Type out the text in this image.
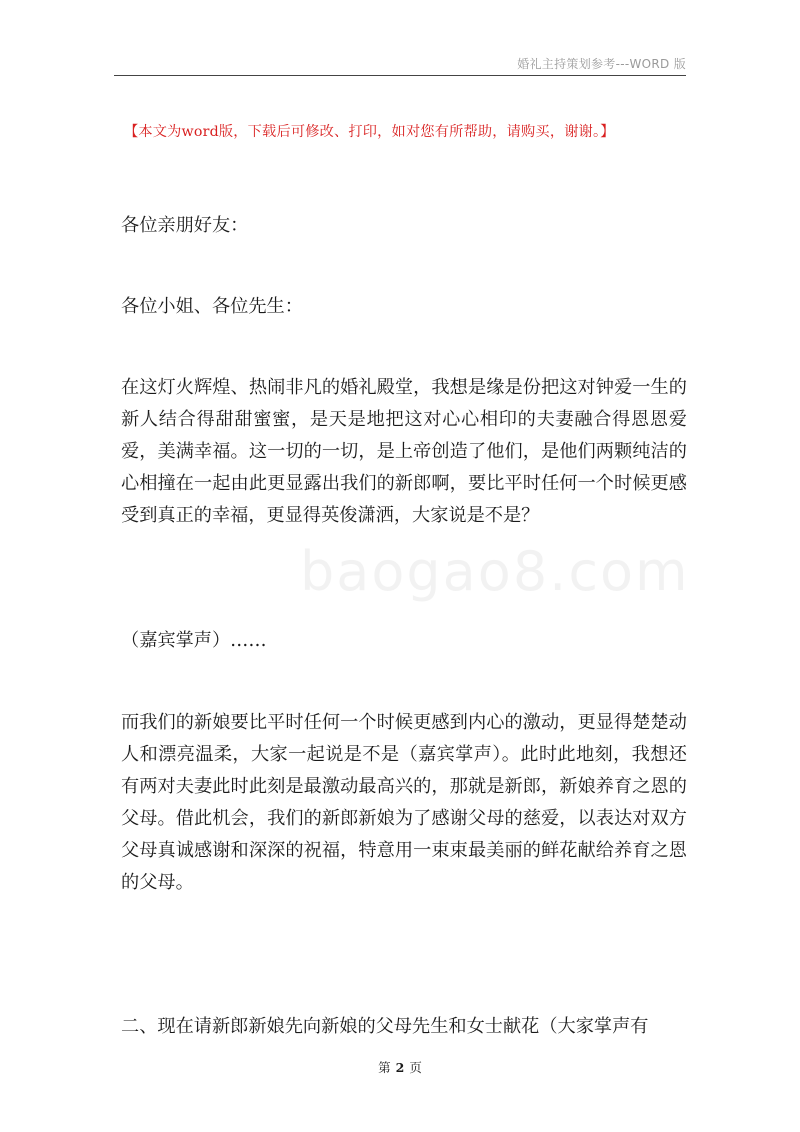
婚礼主持策划参考---WORD 版
【本文为word版，下载后可修改、打印，如对您有所帮助，请购买，谢谢。】
baogao8.com

各位亲朋好友：

各位小姐、各位先生：

在这灯火辉煌、热闹非凡的婚礼殿堂，我想是缘是份把这对钟爱一生的新人结合得甜甜蜜蜜，是天是地把这对心心相印的夫妻融合得恩恩爱爱，美满幸福。这一切的一切，是上帝创造了他们，是他们两颗纯洁的心相撞在一起由此更显露出我们的新郎啊，要比平时任何一个时候更感受到真正的幸福，更显得英俊潇洒，大家说是不是？

（嘉宾掌声）……

而我们的新娘要比平时任何一个时候更感到内心的激动，更显得楚楚动人和漂亮温柔，大家一起说是不是（嘉宾掌声）。此时此地刻，我想还有两对夫妻此时此刻是最激动最高兴的，那就是新郎，新娘养育之恩的父母。借此机会，我们的新郎新娘为了感谢父母的慈爱，以表达对双方父母真诚感谢和深深的祝福，特意用一束束最美丽的鲜花献给养育之恩的父母。

二、现在请新郎新娘先向新娘的父母先生和女士献花（大家掌声有

第 2 页
